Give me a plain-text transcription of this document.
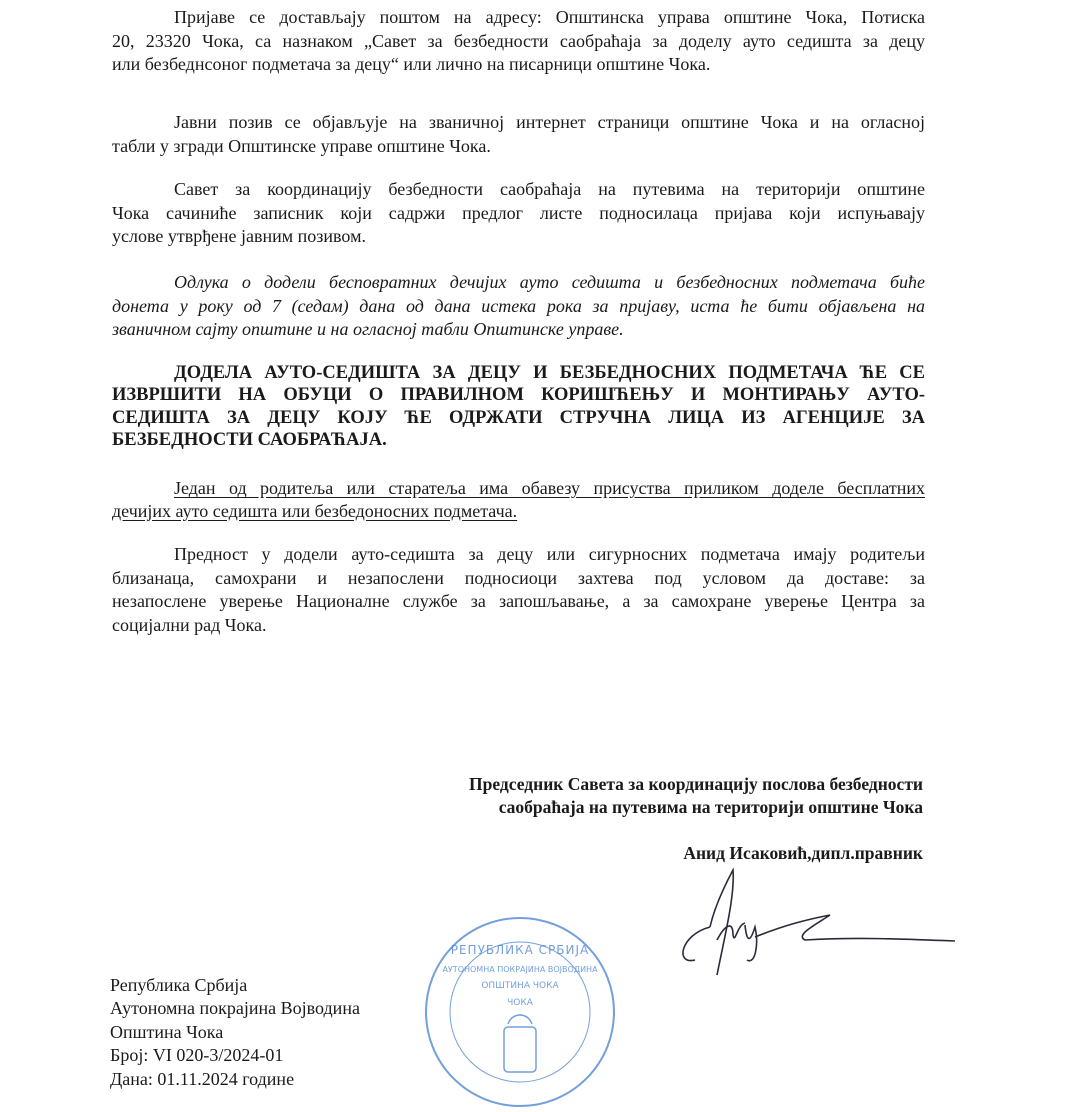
Пријаве се достављају поштом на адресу: Општинска управа општине Чока, Потиска
20, 23320 Чока, са назнаком „Савет за безбедности саобраћаја за доделу ауто седишта за децу
или безбеднсоног подметача за децу“ или лично на писарници општине Чока.
Јавни позив се објављује на званичној интернет страници општине Чока и на огласној
табли у згради Општинске управе општине Чока.
Савет за координацију безбедности саобраћаја на путевима на територији општине
Чока сачиниће записник који садржи предлог листе подносилаца пријава који испуњавају
услове утврђене јавним позивом.
Одлука о додели бесповратних дечијих ауто седишта и безбедносних подметача биће
донета у року од 7 (седам) дана од дана истека рока за пријаву, иста ће бити објављена на
званичном сајту општине и на огласној табли Општинске управе.
ДОДЕЛА АУТО-СЕДИШТА ЗА ДЕЦУ И БЕЗБЕДНОСНИХ ПОДМЕТАЧА ЋЕ СЕ
ИЗВРШИТИ НА ОБУЦИ О ПРАВИЛНОМ КОРИШЋЕЊУ И МОНТИРАЊУ АУТО-
СЕДИШТА ЗА ДЕЦУ КОЈУ ЋЕ ОДРЖАТИ СТРУЧНА ЛИЦА ИЗ АГЕНЦИЈЕ ЗА
БЕЗБЕДНОСТИ САОБРАЋАЈА.
Један од родитеља или старатеља има обавезу присуства приликом доделе бесплатних
дечијих ауто седишта или безбедоносних подметача.
Предност у додели ауто-седишта за децу или сигурносних подметача имају родитељи
близанаца, самохрани и незапослени подносиоци захтева под условом да доставе: за
незапослене уверење Националне службе за запошљавање, а за самохране уверење Центра за
социјални рад Чока.
Председник Савета за координацију послова безбедности
саобраћаја на путевима на територији општине Чока
Анид Исаковић,дипл.правник
РЕПУБЛИКА СРБИЈА
АУТОНОМНА ПОКРАЈИНА ВОЈВОДИНА
ОПШТИНА ЧОКА
ЧОКА
Република Србија
Аутономна покрајина Војводина
Општина Чока
Број: VI 020-3/2024-01
Дана: 01.11.2024 године
